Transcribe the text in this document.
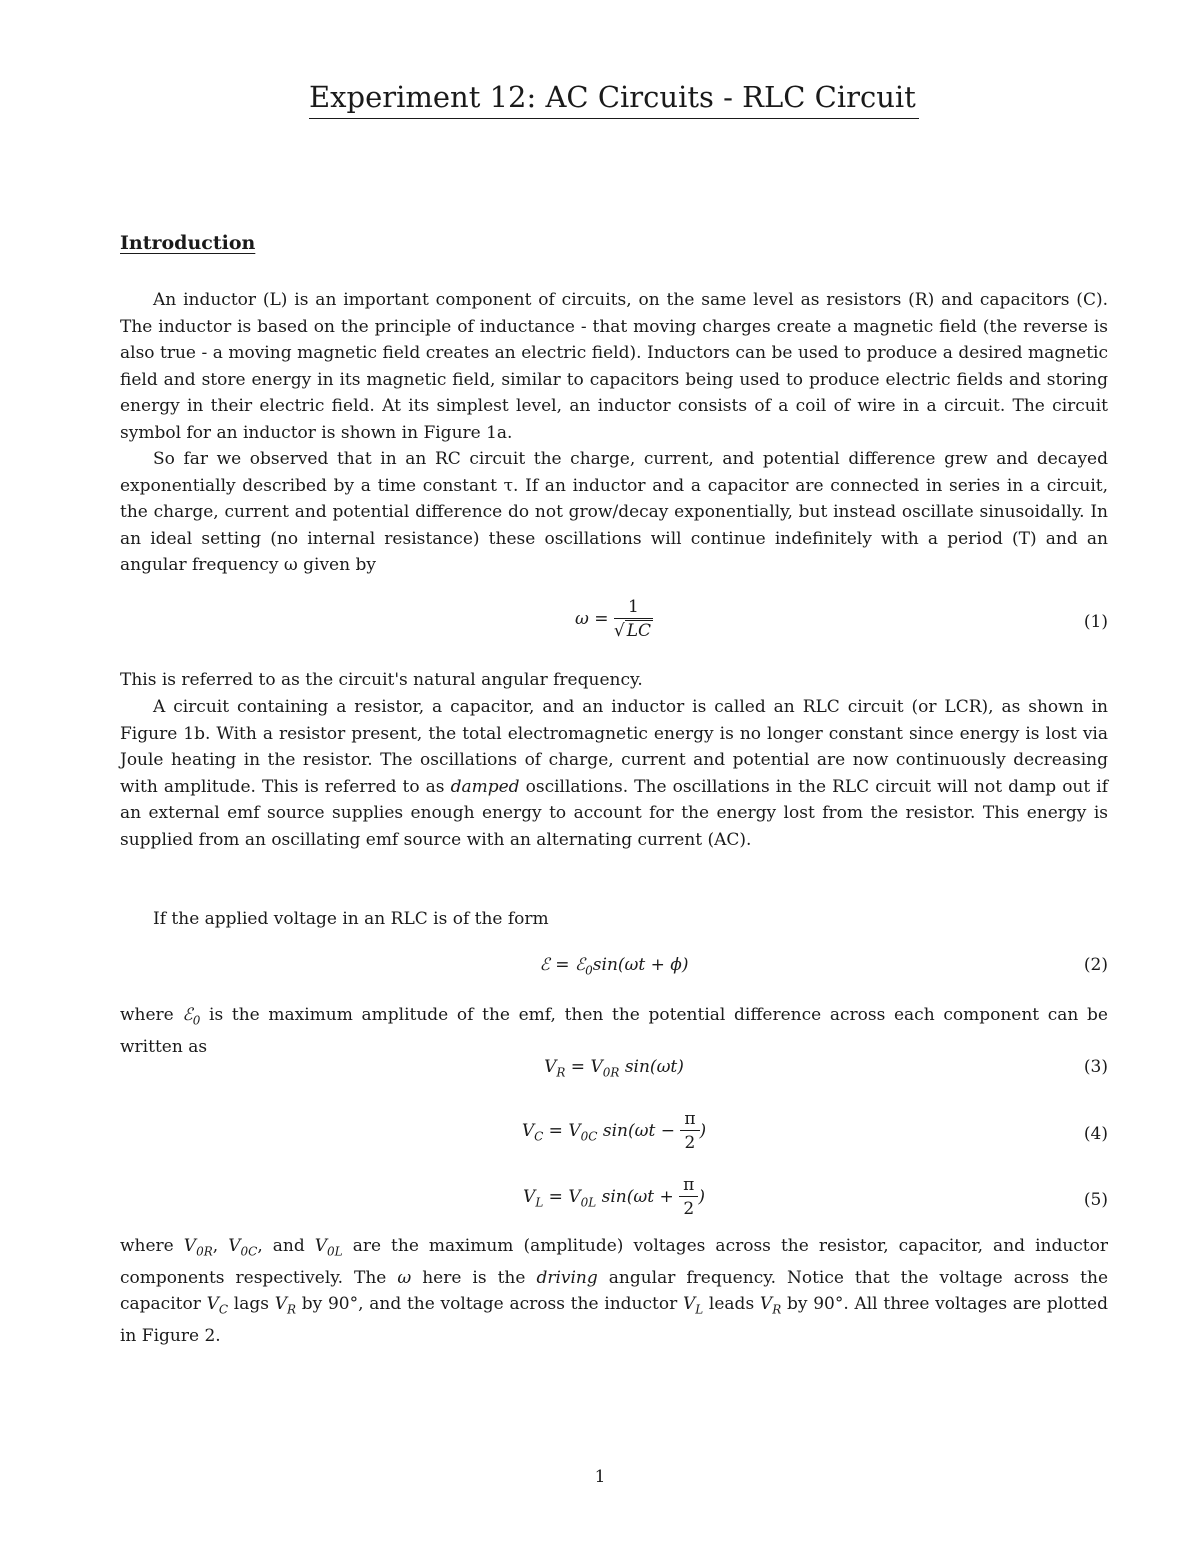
Experiment 12: AC Circuits - RLC Circuit
Introduction

An inductor (L) is an important component of circuits, on the same level as resistors (R) and capacitors (C). The inductor is based on the principle of inductance - that moving charges create a magnetic field (the reverse is also true - a moving magnetic field creates an electric field). Inductors can be used to produce a desired magnetic field and store energy in its magnetic field, similar to capacitors being used to produce electric fields and storing energy in their electric field. At its simplest level, an inductor consists of a coil of wire in a circuit. The circuit symbol for an inductor is shown in Figure 1a.

So far we observed that in an RC circuit the charge, current, and potential difference grew and decayed exponentially described by a time constant τ. If an inductor and a capacitor are connected in series in a circuit, the charge, current and potential difference do not grow/decay exponentially, but instead oscillate sinusoidally. In an ideal setting (no internal resistance) these oscillations will continue indefinitely with a period (T) and an angular frequency ω given by

$\omega = \frac{1}{√ LC}$	(1)

This is referred to as the circuit's natural angular frequency.

A circuit containing a resistor, a capacitor, and an inductor is called an RLC circuit (or LCR), as shown in Figure 1b. With a resistor present, the total electromagnetic energy is no longer constant since energy is lost via Joule heating in the resistor. The oscillations of charge, current and potential are now continuously decreasing with amplitude. This is referred to as damped oscillations. The oscillations in the RLC circuit will not damp out if an external emf source supplies enough energy to account for the energy lost from the resistor. This energy is supplied from an oscillating emf source with an alternating current (AC).

If the applied voltage in an RLC is of the form

ℰ = ℰ$_0$sin(ωt + ϕ)	(2)

where ℰ$_0$ is the maximum amplitude of the emf, then the potential difference across each component can be written as

$V_R = V_{0R}$ sin(ωt)	(3)
$V_C = V_{0C}$ $\sin(\omega t - \frac{\pi}{2}$ )	(4)
$V_L = V_{0L}$ $\sin(\omega t + \frac{\pi}{2}$ )	(5)

where $V_{0R}$, $V_{0C}$, and $V_{0L}$ are the maximum (amplitude) voltages across the resistor, capacitor, and inductor components respectively. The ω here is the driving angular frequency. Notice that the voltage across the capacitor $V_C$ lags $V_R$ by 90°, and the voltage across the inductor $V_L$ leads $V_R$ by 90°. All three voltages are plotted in Figure 2.

1
